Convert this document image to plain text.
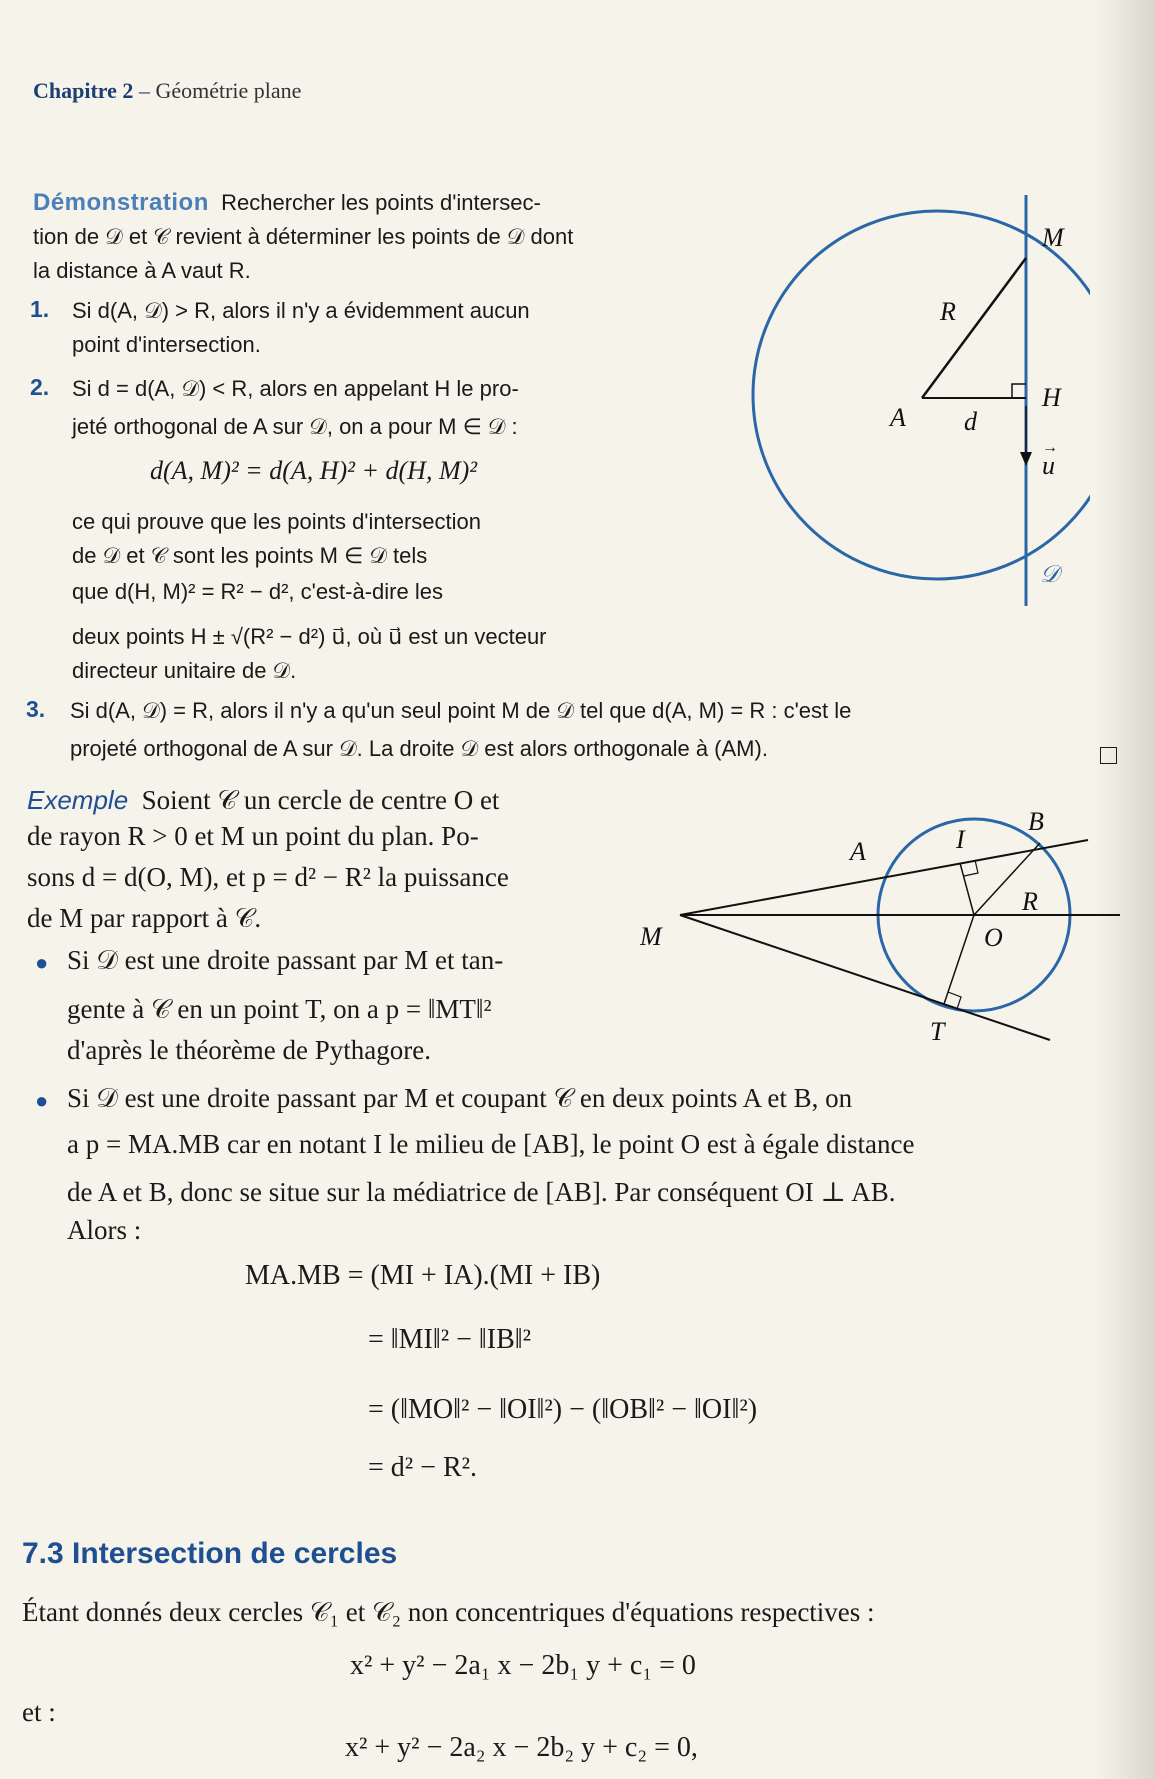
Chapitre 2 – Géométrie plane
Démonstration Rechercher les points d'intersec-
tion de 𝒟 et 𝒞 revient à déterminer les points de 𝒟 dont
la distance à A vaut R.
1. Si d(A, 𝒟) > R, alors il n'y a évidemment aucun
point d'intersection.
2. Si d = d(A, 𝒟) < R, alors en appelant H le pro-
jeté orthogonal de A sur 𝒟, on a pour M ∈ 𝒟 :
d(A, M)² = d(A, H)² + d(H, M)²
ce qui prouve que les points d'intersection
de 𝒟 et 𝒞 sont les points M ∈ 𝒟 tels
que d(H, M)² = R² − d², c'est-à-dire les
deux points H ± √(R² − d²) u⃗, où u⃗ est un vecteur
directeur unitaire de 𝒟.
3. Si d(A, 𝒟) = R, alors il n'y a qu'un seul point M de 𝒟 tel que d(A, M) = R : c'est le
projeté orthogonal de A sur 𝒟. La droite 𝒟 est alors orthogonale à (AM).
M
R
A d
H
u
→
𝒟
Exemple Soient 𝒞 un cercle de centre O et
de rayon R > 0 et M un point du plan. Po-
sons d = d(O, M), et p = d² − R² la puissance
de M par rapport à 𝒞.
● Si 𝒟 est une droite passant par M et tan-
gente à 𝒞 en un point T, on a p = ‖MT‖²
d'après le théorème de Pythagore.
● Si 𝒟 est une droite passant par M et coupant 𝒞 en deux points A et B, on
a p = MA.MB car en notant I le milieu de [AB], le point O est à égale distance
de A et B, donc se situe sur la médiatrice de [AB]. Par conséquent OI ⊥ AB.
Alors :
MA.MB = (MI + IA).(MI + IB)
= ‖MI‖² − ‖IB‖²
= (‖MO‖² − ‖OI‖²) − (‖OB‖² − ‖OI‖²)
= d² − R².
A	I
B
R
M	O
T
7.3 Intersection de cercles
Étant donnés deux cercles 𝒞₁ et 𝒞₂ non concentriques d'équations respectives :
x² + y² − 2a₁ x − 2b₁ y + c₁ = 0
et :
x² + y² − 2a₂ x − 2b₂ y + c₂ = 0,
